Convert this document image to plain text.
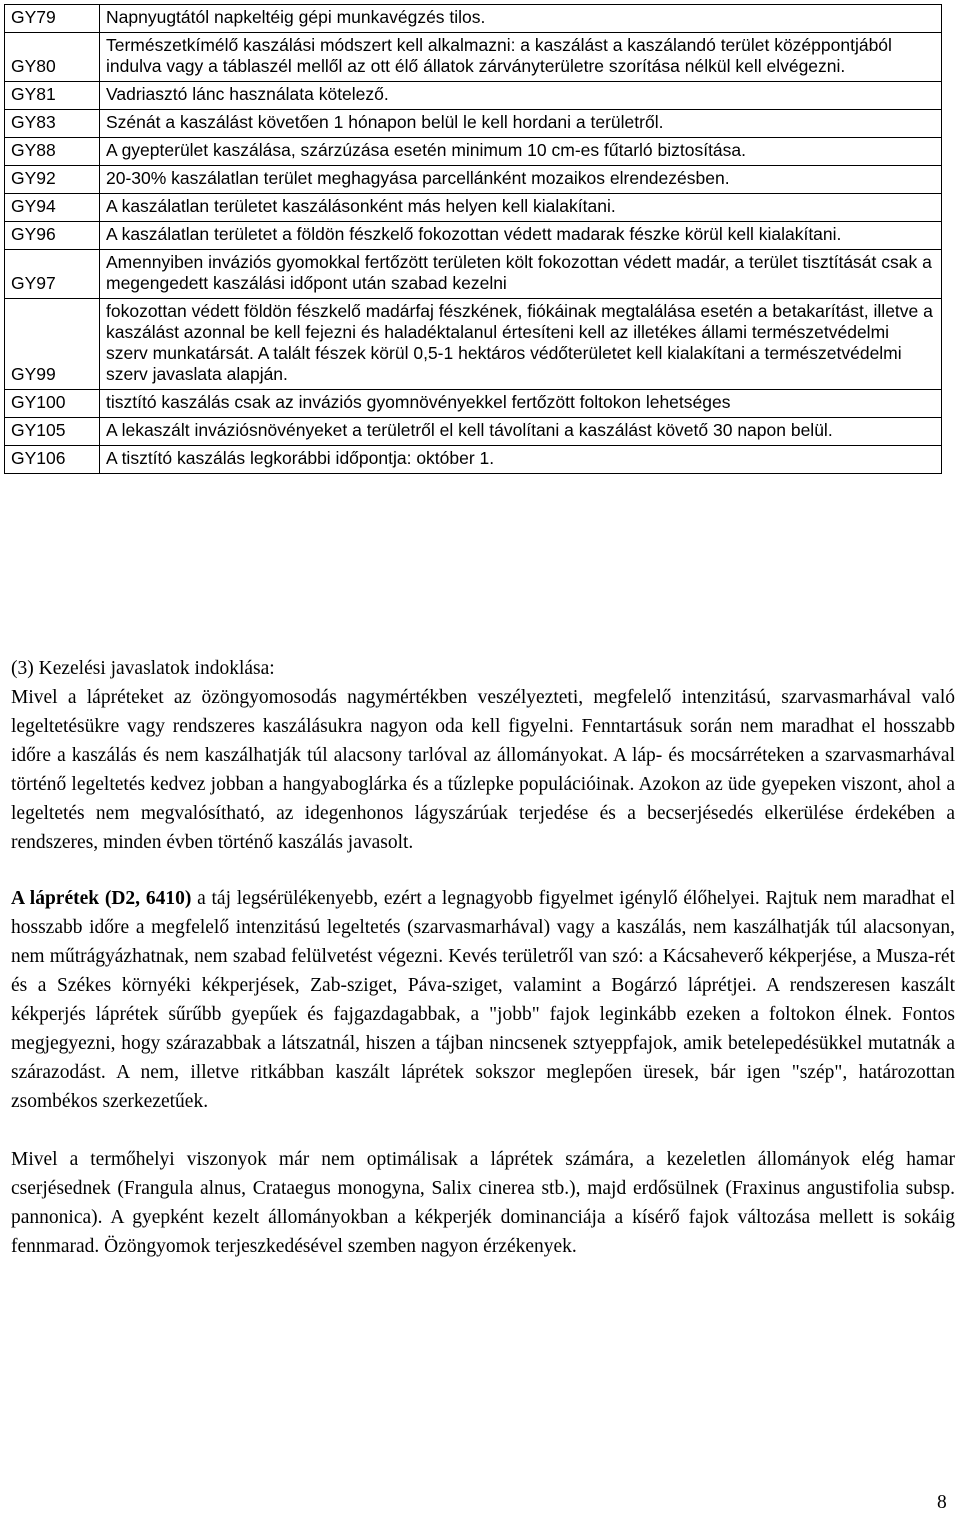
GY79	Napnyugtától napkeltéig gépi munkavégzés tilos.
GY80	Természetkímélő kaszálási módszert kell alkalmazni: a kaszálást a kaszálandó terület középpontjából indulva vagy a táblaszél mellől az ott élő állatok zárványterületre szorítása nélkül kell elvégezni.
GY81	Vadriasztó lánc használata kötelező.
GY83	Szénát a kaszálást követően 1 hónapon belül le kell hordani a területről.
GY88	A gyepterület kaszálása, szárzúzása esetén minimum 10 cm-es fűtarló biztosítása.
GY92	20-30% kaszálatlan terület meghagyása parcellánként mozaikos elrendezésben.
GY94	A kaszálatlan területet kaszálásonként más helyen kell kialakítani.
GY96	A kaszálatlan területet a földön fészkelő fokozottan védett madarak fészke körül kell kialakítani.
GY97	Amennyiben inváziós gyomokkal fertőzött területen költ fokozottan védett madár, a terület tisztítását csak a megengedett kaszálási időpont után szabad kezelni
GY99	fokozottan védett földön fészkelő madárfaj fészkének, fiókáinak megtalálása esetén a betakarítást, illetve a kaszálást azonnal be kell fejezni és haladéktalanul értesíteni kell az illetékes állami természetvédelmi szerv munkatársát. A talált fészek körül 0,5-1 hektáros védőterületet kell kialakítani a természetvédelmi szerv javaslata alapján.
GY100	tisztító kaszálás csak az inváziós gyomnövényekkel fertőzött foltokon lehetséges
GY105	A lekaszált inváziósnövényeket a területről el kell távolítani a kaszálást követő 30 napon belül.
GY106	A tisztító kaszálás legkorábbi időpontja: október 1.

(3) Kezelési javaslatok indoklása:

Mivel a lápréteket az özöngyomosodás nagymértékben veszélyezteti, megfelelő intenzitású, szarvasmarhával való legeltetésükre vagy rendszeres kaszálásukra nagyon oda kell figyelni. Fenntartásuk során nem maradhat el hosszabb időre a kaszálás és nem kaszálhatják túl alacsony tarlóval az állományokat. A láp- és mocsárréteken a szarvasmarhával történő legeltetés kedvez jobban a hangyaboglárka és a tűzlepke populációinak. Azokon az üde gyepeken viszont, ahol a legeltetés nem megvalósítható, az idegenhonos lágyszárúak terjedése és a becserjésedés elkerülése érdekében a rendszeres, minden évben történő kaszálás javasolt.

A láprétek (D2, 6410) a táj legsérülékenyebb, ezért a legnagyobb figyelmet igénylő élőhelyei. Rajtuk nem maradhat el hosszabb időre a megfelelő intenzitású legeltetés (szarvasmarhával) vagy a kaszálás, nem kaszálhatják túl alacsonyan, nem műtrágyázhatnak, nem szabad felülvetést végezni. Kevés területről van szó: a Kácsaheverő kékperjése, a Musza-rét és a Székes környéki kékperjések, Zab-sziget, Páva-sziget, valamint a Bogárzó láprétjei. A rendszeresen kaszált kékperjés láprétek sűrűbb gyepűek és fajgazdagabbak, a "jobb" fajok leginkább ezeken a foltokon élnek. Fontos megjegyezni, hogy szárazabbak a látszatnál, hiszen a tájban nincsenek sztyeppfajok, amik betelepedésükkel mutatnák a szárazodást. A nem, illetve ritkábban kaszált láprétek sokszor meglepően üresek, bár igen "szép", határozottan zsombékos szerkezetűek.

Mivel a termőhelyi viszonyok már nem optimálisak a láprétek számára, a kezeletlen állományok elég hamar cserjésednek (Frangula alnus, Crataegus monogyna, Salix cinerea stb.), majd erdősülnek (Fraxinus angustifolia subsp. pannonica). A gyepként kezelt állományokban a kékperjék dominanciája a kísérő fajok változása mellett is sokáig fennmarad. Özöngyomok terjeszkedésével szemben nagyon érzékenyek.

8
